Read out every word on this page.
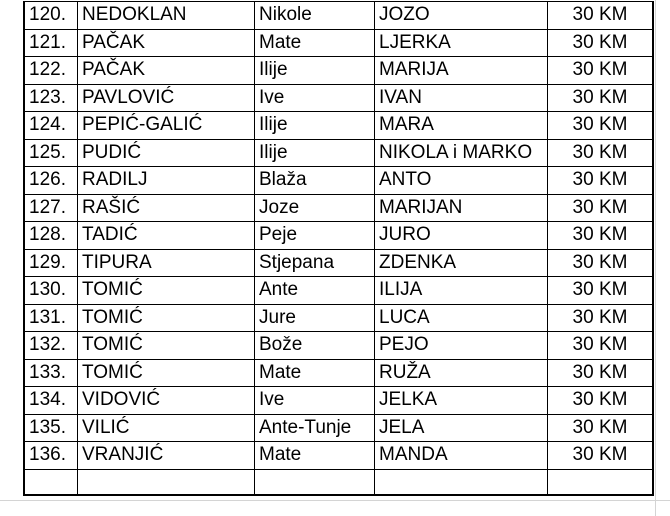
120.	NEDOKLAN	Nikole	JOZO	30 KM
121.	PAČAK	Mate	LJERKA	30 KM
122.	PAČAK	Ilije	MARIJA	30 KM
123.	PAVLOVIĆ	Ive	IVAN	30 KM
124.	PEPIĆ-GALIĆ	Ilije	MARA	30 KM
125.	PUDIĆ	Ilije	NIKOLA i MARKO	30 KM
126.	RADILJ	Blaža	ANTO	30 KM
127.	RAŠIĆ	Joze	MARIJAN	30 KM
128.	TADIĆ	Peje	JURO	30 KM
129.	TIPURA	Stjepana	ZDENKA	30 KM
130.	TOMIĆ	Ante	ILIJA	30 KM
131.	TOMIĆ	Jure	LUCA	30 KM
132.	TOMIĆ	Bože	PEJO	30 KM
133.	TOMIĆ	Mate	RUŽA	30 KM
134.	VIDOVIĆ	Ive	JELKA	30 KM
135.	VILIĆ	Ante-Tunje	JELA	30 KM
136.	VRANJIĆ	Mate	MANDA	30 KM
